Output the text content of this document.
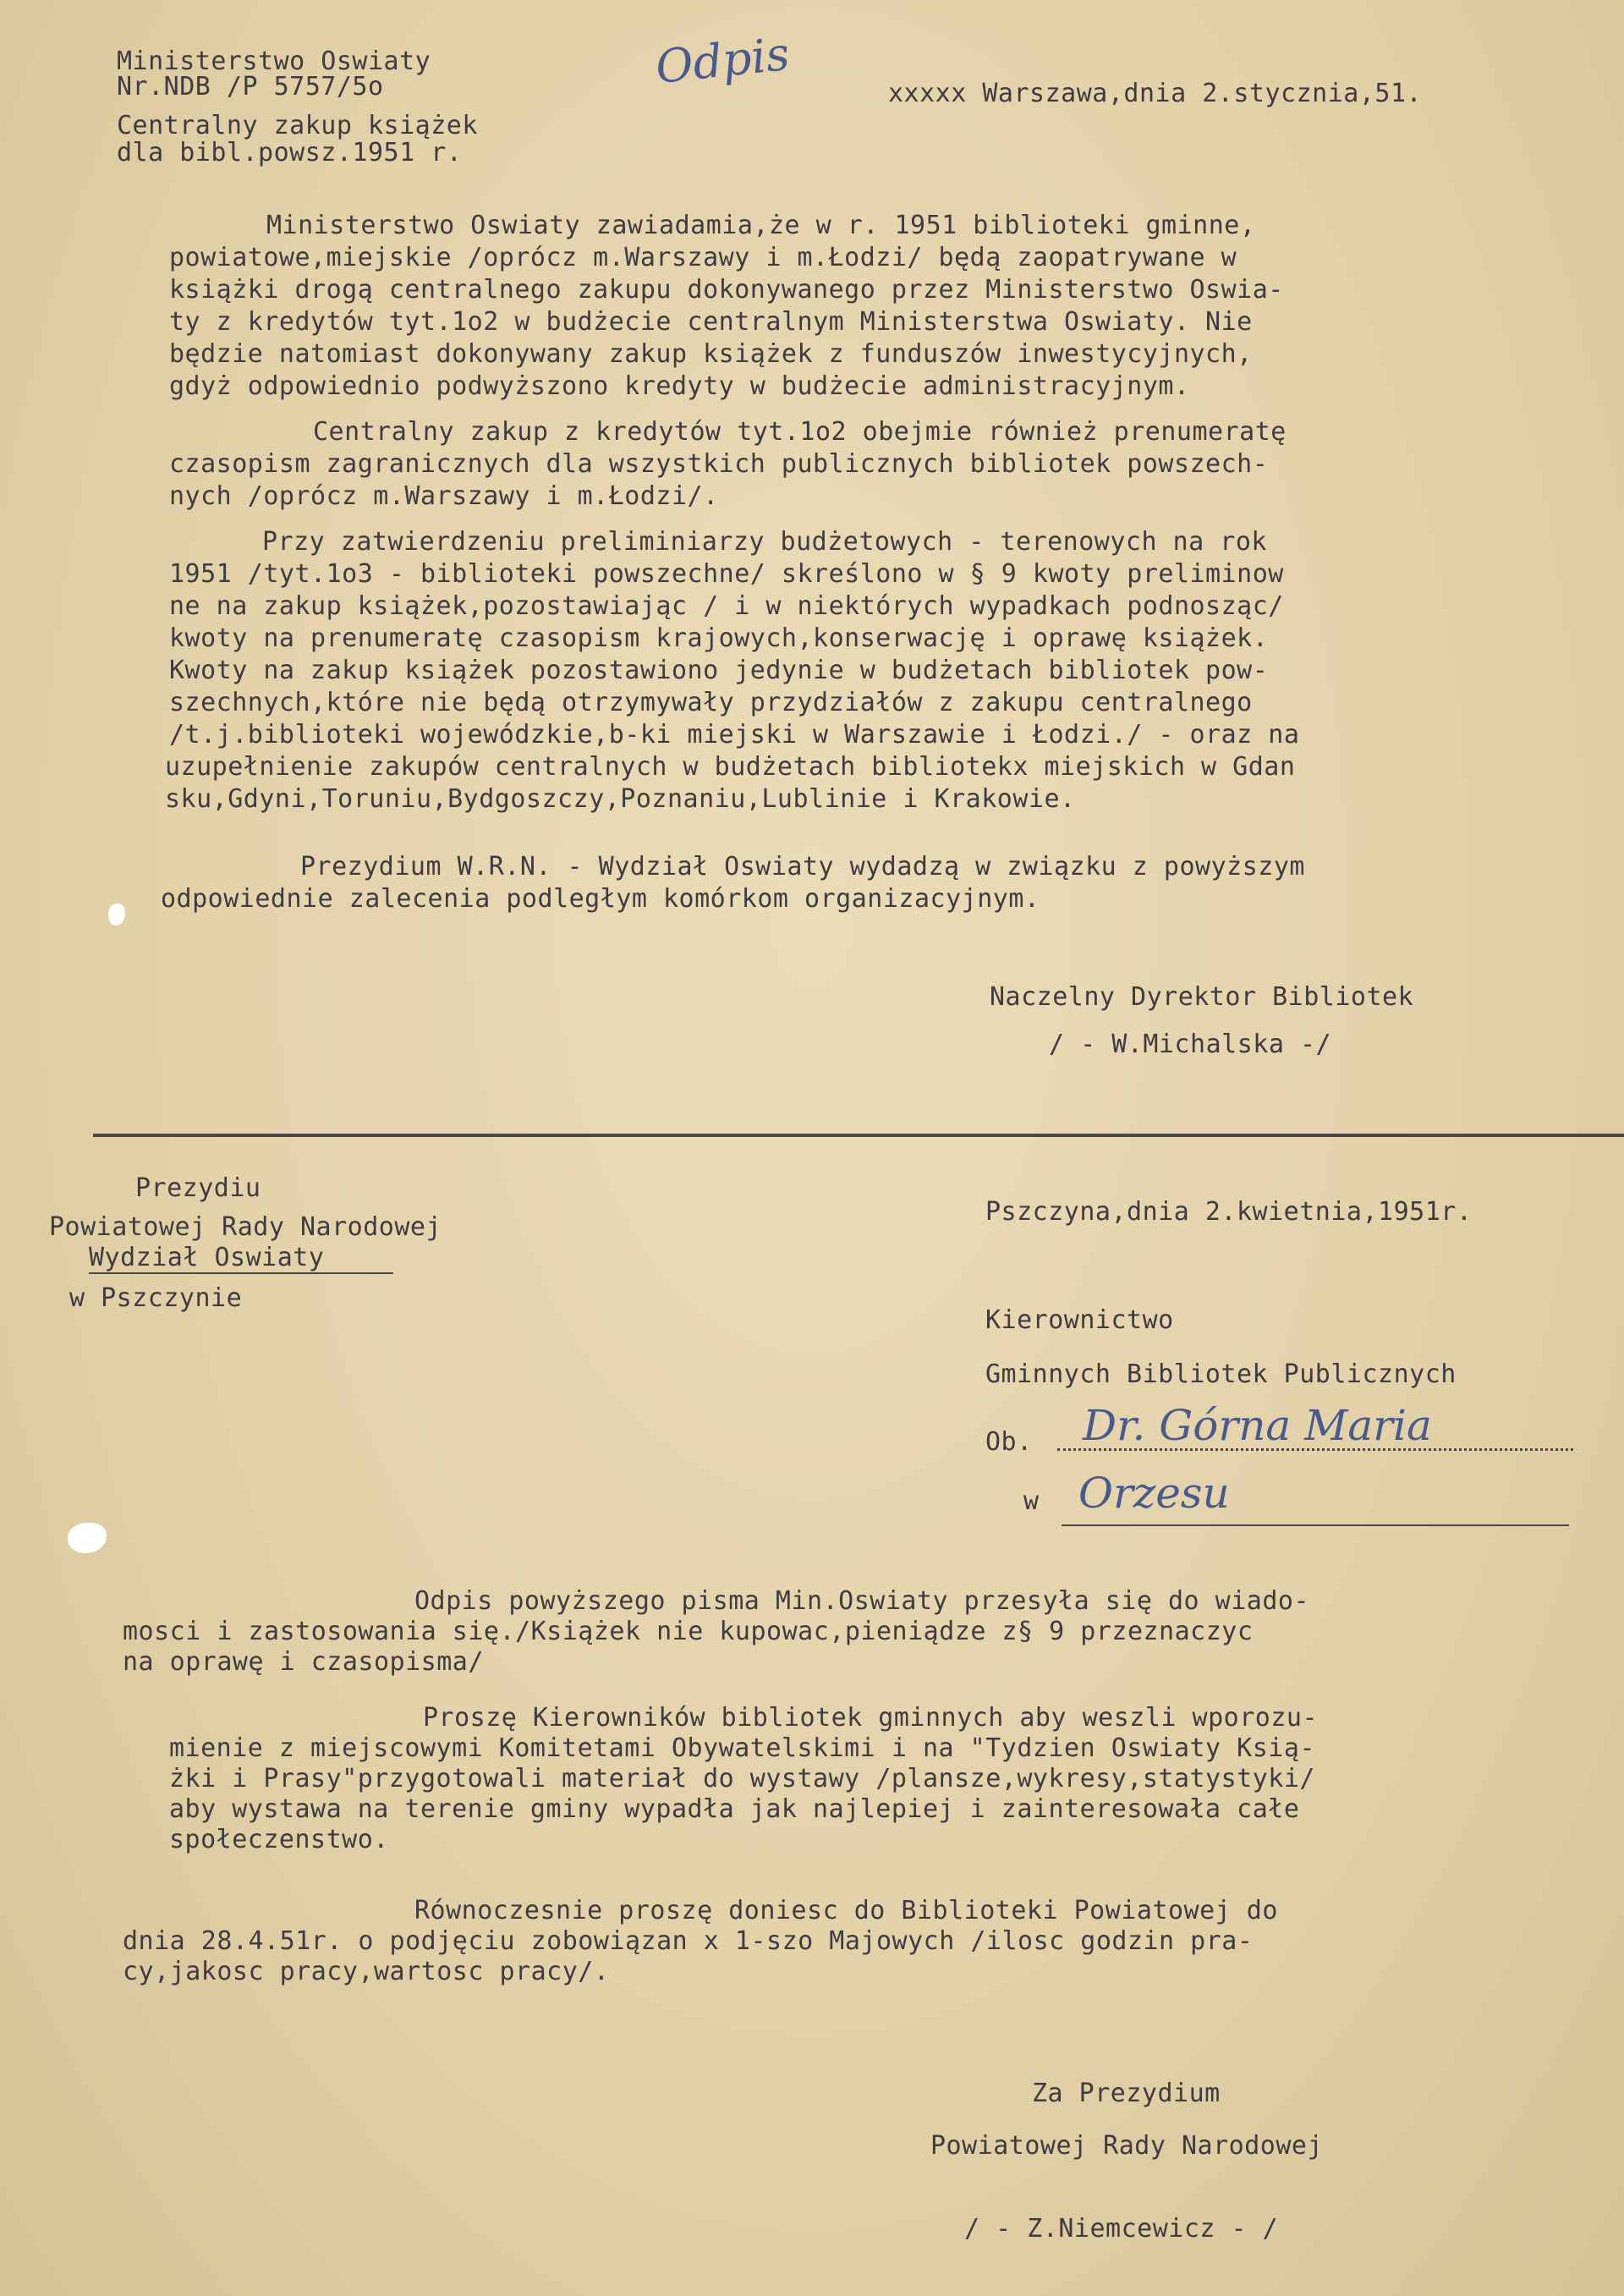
Odpis
Ministerstwo Oswiaty
Nr.NDB /P 5757/5o
Centralny zakup książek
dla bibl.powsz.1951 r.
xxxxx Warszawa,dnia 2.stycznia,51.
Ministerstwo Oswiaty zawiadamia,że w r. 1951 biblioteki gminne,
powiatowe,miejskie /oprócz m.Warszawy i m.Łodzi/ będą zaopatrywane w
książki drogą centralnego zakupu dokonywanego przez Ministerstwo Oswia-
ty z kredytów tyt.1o2 w budżecie centralnym Ministerstwa Oswiaty. Nie
będzie natomiast dokonywany zakup książek z funduszów inwestycyjnych,
gdyż odpowiednio podwyższono kredyty w budżecie administracyjnym.
Centralny zakup z kredytów tyt.1o2 obejmie również prenumeratę
czasopism zagranicznych dla wszystkich publicznych bibliotek powszech-
nych /oprócz m.Warszawy i m.Łodzi/.
Przy zatwierdzeniu preliminiarzy budżetowych - terenowych na rok
1951 /tyt.1o3 - biblioteki powszechne/ skreślono w § 9 kwoty preliminow
ne na zakup książek,pozostawiając / i w niektórych wypadkach podnosząc/
kwoty na prenumeratę czasopism krajowych,konserwację i oprawę książek.
Kwoty na zakup książek pozostawiono jedynie w budżetach bibliotek pow-
szechnych,które nie będą otrzymywały przydziałów z zakupu centralnego
/t.j.biblioteki wojewódzkie,b-ki miejski w Warszawie i Łodzi./ - oraz na
uzupełnienie zakupów centralnych w budżetach bibliotekx miejskich w Gdan
sku,Gdyni,Toruniu,Bydgoszczy,Poznaniu,Lublinie i Krakowie.
Prezydium W.R.N. - Wydział Oswiaty wydadzą w związku z powyższym
odpowiednie zalecenia podległym komórkom organizacyjnym.
Naczelny Dyrektor Bibliotek
/ - W.Michalska -/
Prezydiu
Powiatowej Rady Narodowej
Wydział Oswiaty
w Pszczynie
Pszczyna,dnia 2.kwietnia,1951r.
Kierownictwo
Gminnych Bibliotek Publicznych
Ob. Dr. Górna Maria
w Orzesu
Odpis powyższego pisma Min.Oswiaty przesyła się do wiado-
mosci i zastosowania się./Książek nie kupowac,pieniądze z§ 9 przeznaczyc
na oprawę i czasopisma/
Proszę Kierowników bibliotek gminnych aby weszli wporozu-
mienie z miejscowymi Komitetami Obywatelskimi i na "Tydzien Oswiaty Ksią-
żki i Prasy"przygotowali materiał do wystawy /plansze,wykresy,statystyki/
aby wystawa na terenie gminy wypadła jak najlepiej i zainteresowała całe
społeczenstwo.
Równoczesnie proszę doniesc do Biblioteki Powiatowej do
dnia 28.4.51r. o podjęciu zobowiązan x 1-szo Majowych /ilosc godzin pra-
cy,jakosc pracy,wartosc pracy/.
Za Prezydium
Powiatowej Rady Narodowej
/ - Z.Niemcewicz - /
